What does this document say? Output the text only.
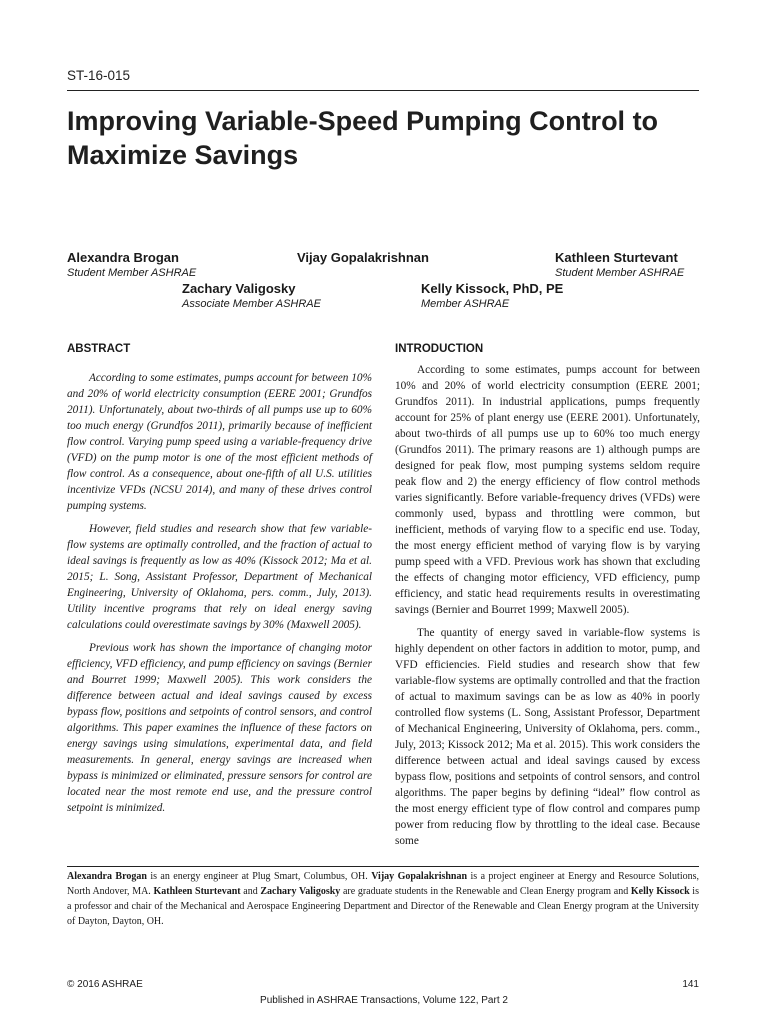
ST-16-015
Improving Variable-Speed Pumping Control to Maximize Savings
Alexandra Brogan
Student Member ASHRAE
Vijay Gopalakrishnan	Kathleen Sturtevant
Student Member ASHRAE
Zachary Valigosky
Associate Member ASHRAE
Kelly Kissock, PhD, PE
Member ASHRAE
ABSTRACT

According to some estimates, pumps account for between 10% and 20% of world electricity consumption (EERE 2001; Grundfos 2011). Unfortunately, about two-thirds of all pumps use up to 60% too much energy (Grundfos 2011), primarily because of inefficient flow control. Varying pump speed using a variable-frequency drive (VFD) on the pump motor is one of the most efficient methods of flow control. As a consequence, about one-fifth of all U.S. utilities incentivize VFDs (NCSU 2014), and many of these drives control pumping systems.

However, field studies and research show that few variable-flow systems are optimally controlled, and the fraction of actual to ideal savings is frequently as low as 40% (Kissock 2012; Ma et al. 2015; L. Song, Assistant Professor, Department of Mechanical Engineering, University of Oklahoma, pers. comm., July, 2013). Utility incentive programs that rely on ideal energy saving calculations could overestimate savings by 30% (Maxwell 2005).

Previous work has shown the importance of changing motor efficiency, VFD efficiency, and pump efficiency on savings (Bernier and Bourret 1999; Maxwell 2005). This work considers the difference between actual and ideal savings caused by excess bypass flow, positions and setpoints of control sensors, and control algorithms. This paper examines the influence of these factors on energy savings using simulations, experimental data, and field measurements. In general, energy savings are increased when bypass is minimized or eliminated, pressure sensors for control are located near the most remote end use, and the pressure control setpoint is minimized.

INTRODUCTION

According to some estimates, pumps account for between 10% and 20% of world electricity consumption (EERE 2001; Grundfos 2011). In industrial applications, pumps frequently account for 25% of plant energy use (EERE 2001). Unfortunately, about two-thirds of all pumps use up to 60% too much energy (Grundfos 2011). The primary reasons are 1) although pumps are designed for peak flow, most pumping systems seldom require peak flow and 2) the energy efficiency of flow control methods varies significantly. Before variable-frequency drives (VFDs) were commonly used, bypass and throttling were common, but inefficient, methods of varying flow to a specific end use. Today, the most energy efficient method of varying flow is by varying pump speed with a VFD. Previous work has shown that excluding the effects of changing motor efficiency, VFD efficiency, pump efficiency, and static head requirements results in overestimating savings (Bernier and Bourret 1999; Maxwell 2005).

The quantity of energy saved in variable-flow systems is highly dependent on other factors in addition to motor, pump, and VFD efficiencies. Field studies and research show that few variable-flow systems are optimally controlled and that the fraction of actual to maximum savings can be as low as 40% in poorly controlled flow systems (L. Song, Assistant Professor, Department of Mechanical Engineering, University of Oklahoma, pers. comm., July, 2013; Kissock 2012; Ma et al. 2015). This work considers the difference between actual and ideal savings caused by excess bypass flow, positions and setpoints of control sensors, and control algorithms. The paper begins by defining “ideal” flow control as the most energy efficient type of flow control and compares pump power from reducing flow by throttling to the ideal case. Because some

Alexandra Brogan is an energy engineer at Plug Smart, Columbus, OH. Vijay Gopalakrishnan is a project engineer at Energy and Resource Solutions, North Andover, MA. Kathleen Sturtevant and Zachary Valigosky are graduate students in the Renewable and Clean Energy program and Kelly Kissock is a professor and chair of the Mechanical and Aerospace Engineering Department and Director of the Renewable and Clean Energy program at the University of Dayton, Dayton, OH.

© 2016 ASHRAE	141
Published in ASHRAE Transactions, Volume 122, Part 2
